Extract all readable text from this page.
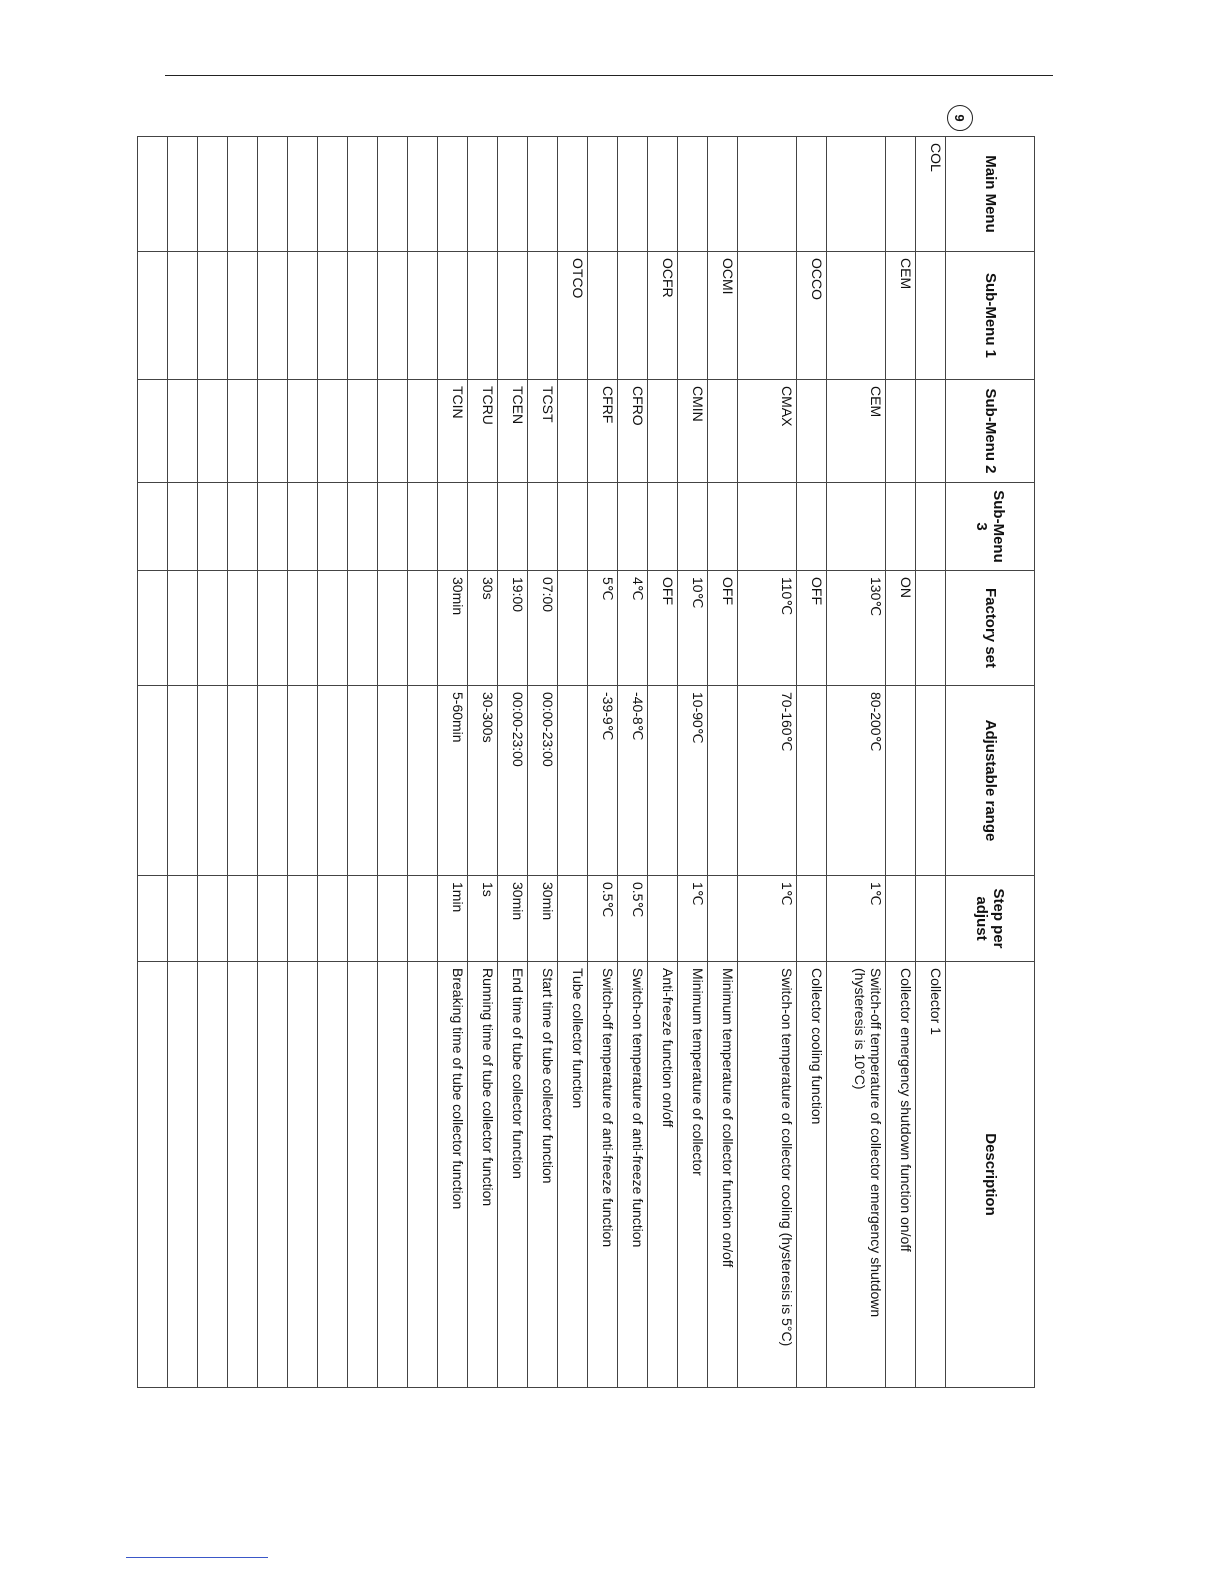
9
Main Menu	Sub-Menu 1	Sub-Menu 2	Sub-Menu 3	Factory set	Adjustable range	Step per adjust	Description
COL							Collector 1
	CEM			ON			Collector emergency shutdown function on/off
		CEM		130℃	80-200℃	1℃	Switch-off temperature of collector emergency shutdown (hysteresis is 10°C)
	OCCO			OFF			Collector cooling function
		CMAX		110℃	70-160℃	1℃	Switch-on temperature of collector cooling (hysteresis is 5°C)
	OCMI			OFF			Minimum temperature of collector function on/off
		CMIN		10℃	10-90℃	1℃	Minimum temperature of collector
	OCFR			OFF			Anti-freeze function on/off
		CFRO		4℃	-40-8℃	0.5℃	Switch-on temperature of anti-freeze function
		CFRF		5℃	-39-9℃	0.5℃	Switch-off temperature of anti-freeze function
	OTCO						Tube collector function
		TCST		07:00	00:00-23:00	30min	Start time of tube collector function
		TCEN		19:00	00:00-23:00	30min	End time of tube collector function
		TCRU		30s	30-300s	1s	Running time of tube collector function
		TCIN		30min	5-60min	1min	Breaking time of tube collector function
